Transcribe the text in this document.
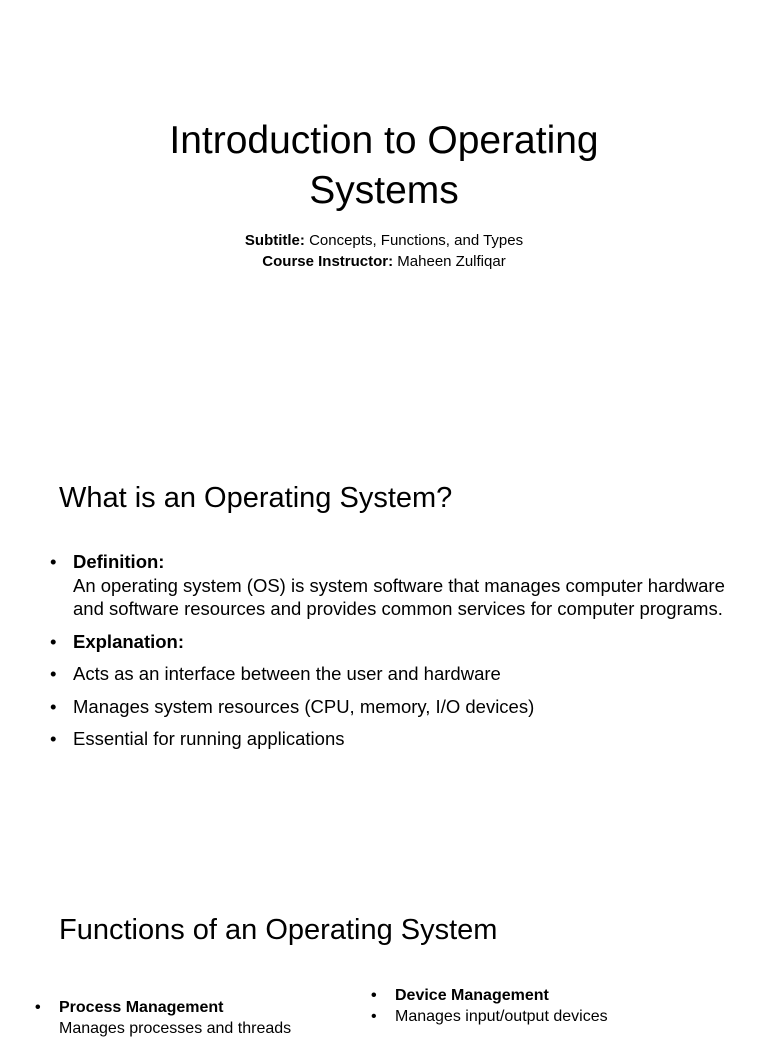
Introduction to Operating
Systems
Subtitle: Concepts, Functions, and Types
Course Instructor: Maheen Zulfiqar
What is an Operating System?
• Definition:
An operating system (OS) is system software that manages computer hardware and software resources and provides common services for computer programs.
• Explanation:
• Acts as an interface between the user and hardware
• Manages system resources (CPU, memory, I/O devices)
• Essential for running applications
Functions of an Operating System
• Process Management
Manages processes and threads
• Device Management
• Manages input/output devices
